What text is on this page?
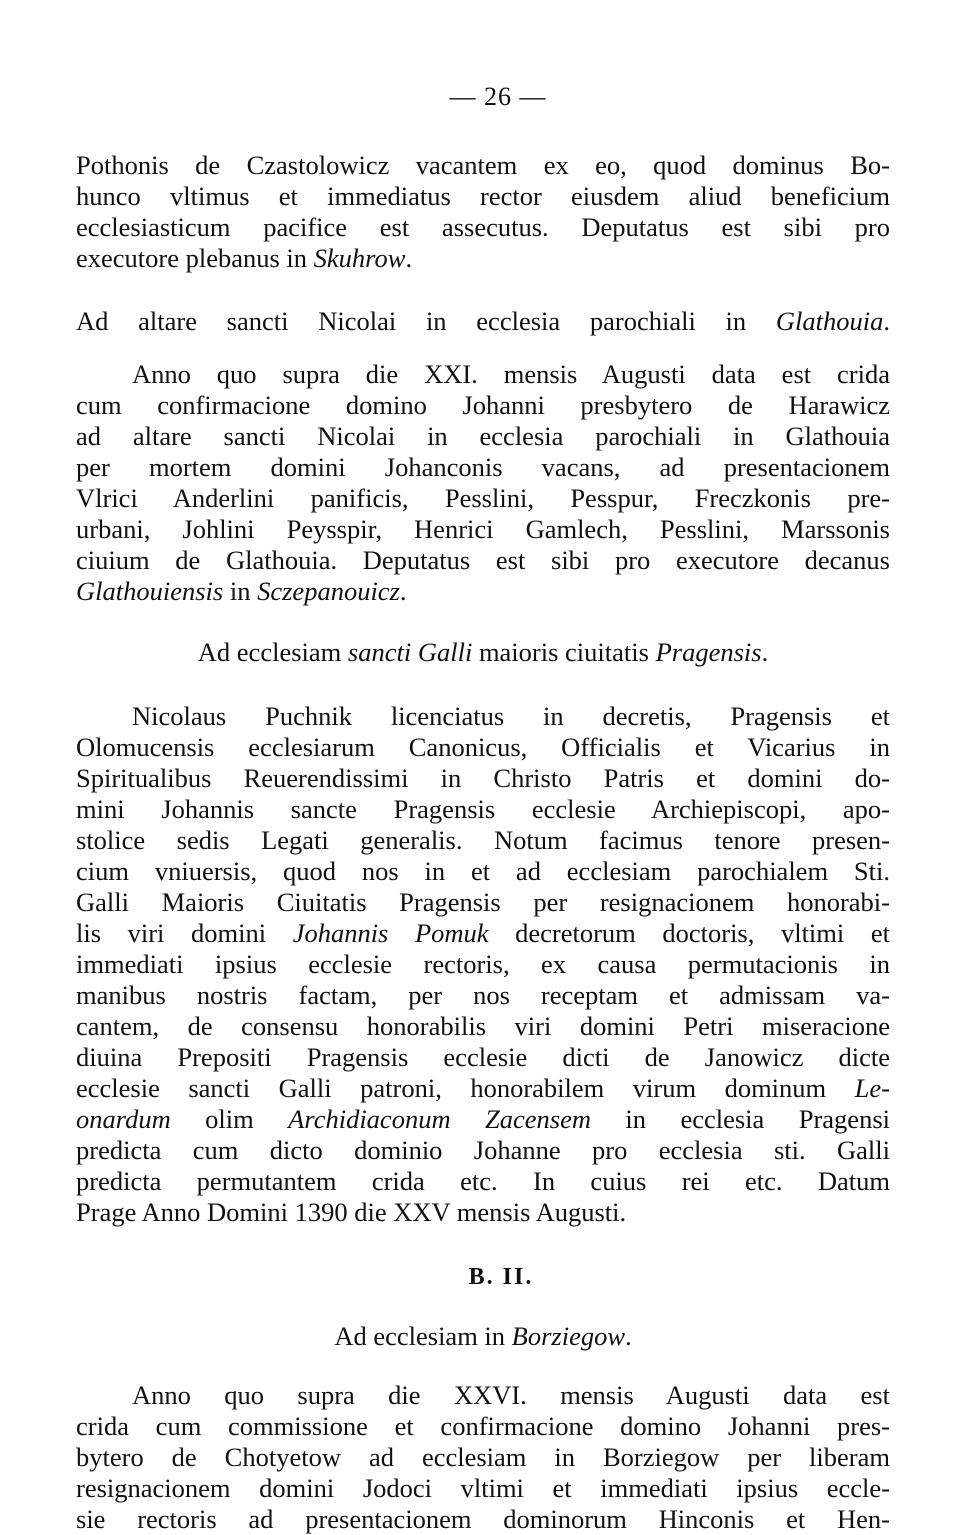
— 26 —
Pothonis de Czastolowicz vacantem ex eo, quod dominus Bo-
hunco vltimus et immediatus rector eiusdem aliud beneficium
ecclesiasticum pacifice est assecutus. Deputatus est sibi pro
executore plebanus in Skuhrow.
Ad altare sancti Nicolai in ecclesia parochiali in Glathouia.
Anno quo supra die XXI. mensis Augusti data est crida
cum confirmacione domino Johanni presbytero de Harawicz
ad altare sancti Nicolai in ecclesia parochiali in Glathouia
per mortem domini Johanconis vacans, ad presentacionem
Vlrici Anderlini panificis, Pesslini, Pesspur, Freczkonis pre-
urbani, Johlini Peysspir, Henrici Gamlech, Pesslini, Marssonis
ciuium de Glathouia. Deputatus est sibi pro executore decanus
Glathouiensis in Sczepanouicz.
Ad ecclesiam sancti Galli maioris ciuitatis Pragensis.
Nicolaus Puchnik licenciatus in decretis, Pragensis et
Olomucensis ecclesiarum Canonicus, Officialis et Vicarius in
Spiritualibus Reuerendissimi in Christo Patris et domini do-
mini Johannis sancte Pragensis ecclesie Archiepiscopi, apo-
stolice sedis Legati generalis. Notum facimus tenore presen-
cium vniuersis, quod nos in et ad ecclesiam parochialem Sti.
Galli Maioris Ciuitatis Pragensis per resignacionem honorabi-
lis viri domini Johannis Pomuk decretorum doctoris, vltimi et
immediati ipsius ecclesie rectoris, ex causa permutacionis in
manibus nostris factam, per nos receptam et admissam va-
cantem, de consensu honorabilis viri domini Petri miseracione
diuina Prepositi Pragensis ecclesie dicti de Janowicz dicte
ecclesie sancti Galli patroni, honorabilem virum dominum Le-
onardum olim Archidiaconum Zacensem in ecclesia Pragensi
predicta cum dicto dominio Johanne pro ecclesia sti. Galli
predicta permutantem crida etc. In cuius rei etc. Datum
Prage Anno Domini 1390 die XXV mensis Augusti.
B. II.
Ad ecclesiam in Borziegow.
Anno quo supra die XXVI. mensis Augusti data est
crida cum commissione et confirmacione domino Johanni pres-
bytero de Chotyetow ad ecclesiam in Borziegow per liberam
resignacionem domini Jodoci vltimi et immediati ipsius eccle-
sie rectoris ad presentacionem dominorum Hinconis et Hen-
